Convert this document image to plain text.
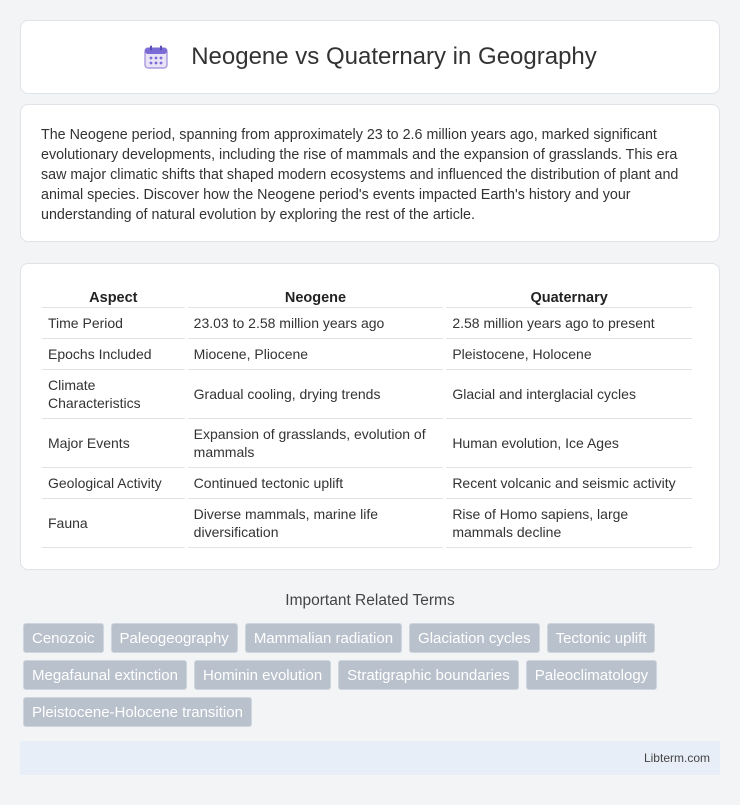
Neogene vs Quaternary in Geography

The Neogene period, spanning from approximately 23 to 2.6 million years ago, marked significant evolutionary developments, including the rise of mammals and the expansion of grasslands. This era saw major climatic shifts that shaped modern ecosystems and influenced the distribution of plant and animal species. Discover how the Neogene period's events impacted Earth's history and your understanding of natural evolution by exploring the rest of the article.

Aspect	Neogene	Quaternary
Time Period	23.03 to 2.58 million years ago	2.58 million years ago to present
Epochs Included	Miocene, Pliocene	Pleistocene, Holocene
Climate Characteristics	Gradual cooling, drying trends	Glacial and interglacial cycles
Major Events	Expansion of grasslands, evolution of mammals	Human evolution, Ice Ages
Geological Activity	Continued tectonic uplift	Recent volcanic and seismic activity
Fauna	Diverse mammals, marine life diversification	Rise of Homo sapiens, large mammals decline
Important Related Terms
Cenozoic	Paleogeography	Mammalian radiation	Glaciation cycles	Tectonic uplift
Megafaunal extinction	Hominin evolution	Stratigraphic boundaries	Paleoclimatology
Pleistocene-Holocene transition
Libterm.com
